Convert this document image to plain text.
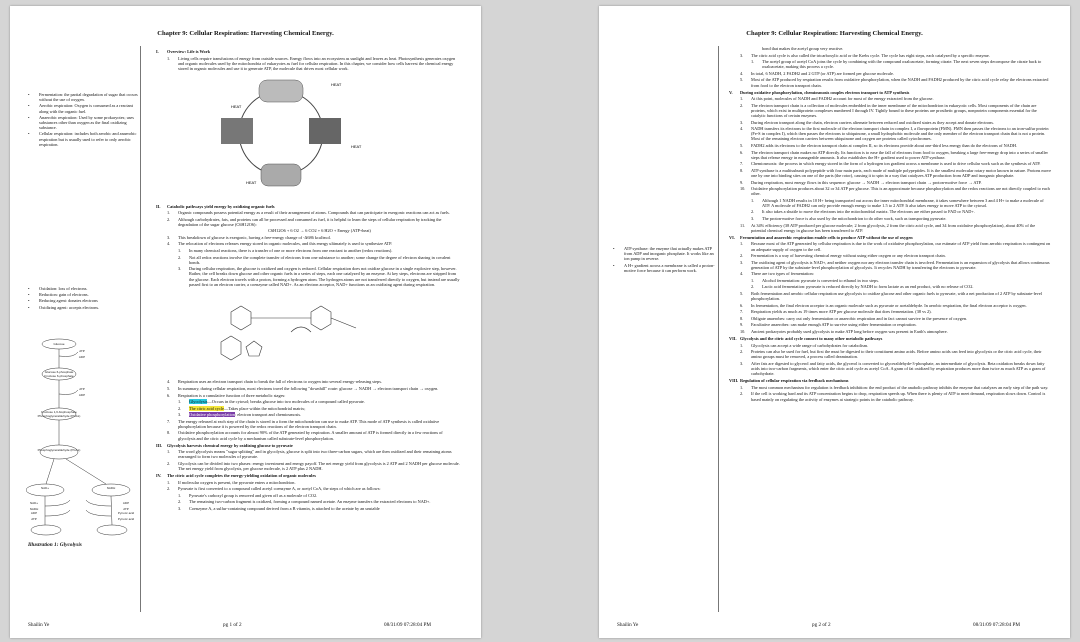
Chapter 9: Cellular Respiration: Harvesting Chemical Energy.
• Fermentation: the partial degradation of sugar that occurs without the use of oxygen.
• Aerobic respiration: Oxygen is consumed as a reactant along with the organic fuel.
• Anaerobic respiration: Used by some prokaryotes; uses substances other than oxygen as the final oxidizing substance.
• Cellular respiration: includes both aerobic and anaerobic respiration but is usually used to refer to only aerobic respiration.
• Oxidation: loss of electrons.
• Reduction: gain of electrons.
• Reducing agent: donates electrons
• Oxidizing agent: accepts electrons.
Glucose
ATP
ADP
Glucose 6-phosphate
Fructose 6-phosphate
ATP
ADP
Fructose 1,6-bisphosphate
Phosphoglyceraldehyde (PGAL)
Phosphoglyceraldehyde (PGAL)
NAD+	NADH
NAD+
NADH
ADP
ATP
ADP
ATP
Pyruvic acid
Pyruvic acid
Illustration 1: Glycolysis
I.	Overview: Life is Work
1.	Living cells require transfusions of energy from outside sources. Energy flows into an ecosystem as sunlight and leaves as heat. Photosynthesis generates oxygen and organic molecules used by the mitochondria of eukaryotes as fuel for cellular respiration. In this chapter, we consider how cells harvest the chemical energy stored in organic molecules and use it to generate ATP, the molecule that drives most cellular work.
HEAT
HEAT
HEAT
HEAT
II.	Catabolic pathways yield energy by oxidizing organic fuels
1.	Organic compounds possess potential energy as a result of their arrangement of atoms. Compounds that can participate in exergonic reactions can act as fuels.
2.	Although carbohydrates, fats, and proteins can all be processed and consumed as fuel, it is helpful to learn the steps of cellular respiration by tracking the degradation of the sugar glucose (C6H12O6):
C6H12O6 + 6 O2 → 6 CO2 + 6 H2O + Energy (ATP+heat)
3.	This breakdown of glucose is exergonic, having a free-energy change of -Δ686 kcal/mol.
4.	The relocation of electrons releases energy stored in organic molecules, and this energy ultimately is used to synthesize ATP.
1.	In many chemical reactions, there is a transfer of one or more electrons from one reactant to another (redox reactions).
2.	Not all redox reactions involve the complete transfer of electrons from one substance to another; some change the degree of electron sharing in covalent bonds.
3.	During cellular respiration, the glucose is oxidized and oxygen is reduced. Cellular respiration does not oxidize glucose in a single explosive step, however. Rather, the cell breaks down glucose and other organic fuels in a series of steps, each one catalyzed by an enzyme. At key steps, electrons are stripped from the glucose. Each electron travels with a proton, forming a hydrogen atom. The hydrogen atoms are not transferred directly to oxygen, but instead are usually passed first to an electron carrier, a coenzyme called NAD+. As an electron acceptor, NAD+ functions as an oxidizing agent during respiration.
4.	Respiration uses an electron transport chain to break the fall of electrons to oxygen into several energy-releasing steps.
5.	In summary, during cellular respiration, most electrons travel the following "downhill" route: glucose → NADH → electron transport chain → oxygen.
6.	Respiration is a cumulative function of three metabolic stages:
1.	Glycolysis—Occurs in the cytosol; breaks glucose into two molecules of a compound called pyruvate.
2.	The citric acid cycle—Takes place within the mitochondrial matrix;
3.	Oxidative phosphorylation: electron transport and chemiosmosis.
7.	The energy released at each step of the chain is stored in a form the mitochondrion can use to make ATP. This mode of ATP synthesis is called oxidative phosphorylation because it is powered by the redox reactions of the electron transport chain.
8.	Oxidative phosphorylation accounts for almost 90% of the ATP generated by respiration. A smaller amount of ATP is formed directly in a few reactions of glycolysis and the citric acid cycle by a mechanism called substrate-level phosphorylation.
III.	Glycolysis harvests chemical energy by oxidizing glucose to pyruvate
1.	The word glycolysis means "sugar splitting" and in glycolysis, glucose is split into two three-carbon sugars, which are then oxidized and their remaining atoms rearranged to form two molecules of pyruvate.
2.	Glycolysis can be divided into two phases: energy investment and energy payoff. The net energy yield from glycolysis is 2 ATP and 2 NADH per glucose molecule. The net energy yield from glycolysis, per glucose molecule, is 2 ATP plus 2 NADH.
IV.	The citric acid cycle completes the energy-yielding oxidation of organic molecules
1.	If molecular oxygen is present, the pyruvate enters a mitochondrion.
2.	Pyruvate is first converted to a compound called acetyl coenzyme A, or acetyl CoA, the steps of which are as follows:
1.	Pyruvate's carboxyl group is removed and given off as a molecule of CO2.
2.	The remaining two-carbon fragment is oxidized, forming a compound named acetate. An enzyme transfers the extracted electrons to NAD+.
3.	Coenzyme A, a sulfur-containing compound derived from a B vitamin, is attached to the acetate by an unstable
Shailin Ye	pg 1 of 2	08/31/09 07:28:04 PM
Chapter 9: Cellular Respiration: Harvesting Chemical Energy.
• ATP synthase: the enzyme that actually makes ATP from ADP and inorganic phosphate. It works like an ion pump in reverse.
• A H+ gradient across a membrane is called a proton-motive force because it can perform work.
bond that makes the acetyl group very reactive.
3.	The citric acid cycle is also called the tricarboxylic acid or the Krebs cycle. The cycle has eight steps, each catalyzed by a specific enzyme.
1.	The acetyl group of acetyl CoA joins the cycle by combining with the compound oxaloacetate, forming citrate. The next seven steps decompose the citrate back to oxaloacetate, making this process a cycle.
4.	In total, 6 NADH, 2 FADH2 and 2 GTP (or ATP) are formed per glucose molecule.
5.	Most of the ATP produced by respiration results from oxidative phosphorylation, when the NADH and FADH2 produced by the citric acid cycle relay the electrons extracted from food to the electron transport chain.
V.	During oxidative phosphorylation, chemiosmosis couples electron transport to ATP synthesis
1.	At this point, molecules of NADH and FADH2 account for most of the energy extracted from the glucose.
2.	The electron transport chain is a collection of molecules embedded in the inner membrane of the mitochondrion in eukaryotic cells. Most components of the chain are proteins, which exist in multiprotein complexes numbered I through IV. Tightly bound to these proteins are prosthetic groups, nonprotein components essential for the catalytic functions of certain enzymes.
3.	During electron transport along the chain, electron carriers alternate between reduced and oxidized states as they accept and donate electrons.
4.	NADH transfers its electrons to the first molecule of the electron transport chain in complex I, a flavoprotein (FMN). FMN then passes the electrons to an iron-sulfur protein (Fe-S in complex I), which then passes the electrons to ubiquinone, a small hydrophobic molecule and the only member of the electron transport chain that is not a protein. Most of the remaining electron carriers between ubiquinone and oxygen are proteins called cytochromes.
5.	FADH2 adds its electrons to the electron transport chain at complex II, so its electrons provide about one-third less energy than do the electrons of NADH.
6.	The electron transport chain makes no ATP directly. Its function is to ease the fall of electrons from food to oxygen, breaking a large free-energy drop into a series of smaller steps that release energy in manageable amounts. It also establishes the H+ gradient used to power ATP synthase.
7.	Chemiosmosis: the process in which energy stored in the form of a hydrogen ion gradient across a membrane is used to drive cellular work such as the synthesis of ATP.
8.	ATP synthase is a multisubunit polypeptide with four main parts, each made of multiple polypeptides. It is the smallest molecular rotary motor known in nature. Protons move one by one into binding sites on one of the parts (the rotor), causing it to spin in a way that catalyzes ATP production from ADP and inorganic phosphate.
9.	During respiration, most energy flows in this sequence: glucose → NADH → electron transport chain → proton-motive force → ATP.
10.	Oxidative phosphorylation produces about 32 or 34 ATP per glucose. This is an approximate because phosphorylation and the redox reactions are not directly coupled to each other.
1.	Although 1 NADH results in 10 H+ being transported out across the inner mitochondrial membrane, it takes somewhere between 3 and 4 H+ to make a molecule of ATP. A molecule of FADH2 can only provide enough energy to make 1.5 to 2 ATP. It also takes energy to move ATP to the cytosol.
2.	It also takes a shuttle to move the electrons into the mitochondrial matrix. The electrons are either passed to FAD or NAD+.
3.	The proton-motive force is also used by the mitochondrion to do other work, such as transporting pyruvate.
11.	At 34% efficiency (38 ATP produced per glucose molecule; 2 from glycolysis, 2 from the citric acid cycle, and 34 from oxidative phosphorylation), about 40% of the potential chemical energy in glucose has been transferred to ATP.
VI.	Fermentation and anaerobic respiration enable cells to produce ATP without the use of oxygen
1.	Because most of the ATP generated by cellular respiration is due to the work of oxidative phosphorylation, our estimate of ATP yield from aerobic respiration is contingent on an adequate supply of oxygen to the cell.
2.	Fermentation is a way of harvesting chemical energy without using either oxygen or any electron transport chain.
3.	The oxidizing agent of glycolysis is NAD+, and neither oxygen nor any electron transfer chain is involved. Fermentation is an expansion of glycolysis that allows continuous generation of ATP by the substrate-level phosphorylation of glycolysis. It recycles NADH by transferring the electrons to pyruvate.
4.	There are two types of fermentation:
1.	Alcohol fermentation: pyruvate is converted to ethanol in two steps.
2.	Lactic acid fermentation: pyruvate is reduced directly by NADH to form lactate as an end product, with no release of CO2.
5.	Both fermentation and aerobic cellular respiration use glycolysis to oxidize glucose and other organic fuels to pyruvate, with a net production of 2 ATP by substrate-level phosphorylation.
6.	In fermentation, the final electron acceptor is an organic molecule such as pyruvate or acetaldehyde. In aerobic respiration, the final electron acceptor is oxygen.
7.	Respiration yields as much as 19 times more ATP per glucose molecule that does fermentation. (38 vs 2).
8.	Obligate anaerobes: carry out only fermentation or anaerobic respiration and in fact cannot survive in the presence of oxygen.
9.	Facultative anaerobes: can make enough ATP to survive using either fermentation or respiration.
10.	Ancient prokaryotes probably used glycolysis to make ATP long before oxygen was present in Earth's atmosphere.
VII. Glycolysis and the citric acid cycle connect to many other metabolic pathways
1.	Glycolysis can accept a wide range of carbohydrates for catabolism.
2.	Proteins can also be used for fuel, but first the must be digested to their constituent amino acids. Before amino acids can feed into glycolysis or the citric acid cycle, their amino groups must be removed, a process called deamination.
3.	After fats are digested to glycerol and fatty acids, the glycerol is converted to glyceraldehyde-3-phosphate, an intermediate of glycolysis. Beta oxidation breaks down fatty acids into two-carbon fragments, which enter the citric acid cycle as acetyl CoA. A gram of fat oxidized by respiration produces more than twice as much ATP as a gram of carbohydrate.
VIII. Regulation of cellular respiration via feedback mechanisms
1.	The most common mechanism for regulation is feedback inhibition: the end product of the anabolic pathway inhibits the enzyme that catalyzes an early step of the path way.
2.	If the cell is working hard and its ATP concentration begins to drop, respiration speeds up. When there is plenty of ATP to meet demand, respiration slows down. Control is based mainly on regulating the activity of enzymes at strategic points in the catabolic pathway.
Shailin Ye	pg 2 of 2	08/31/09 07:28:04 PM
